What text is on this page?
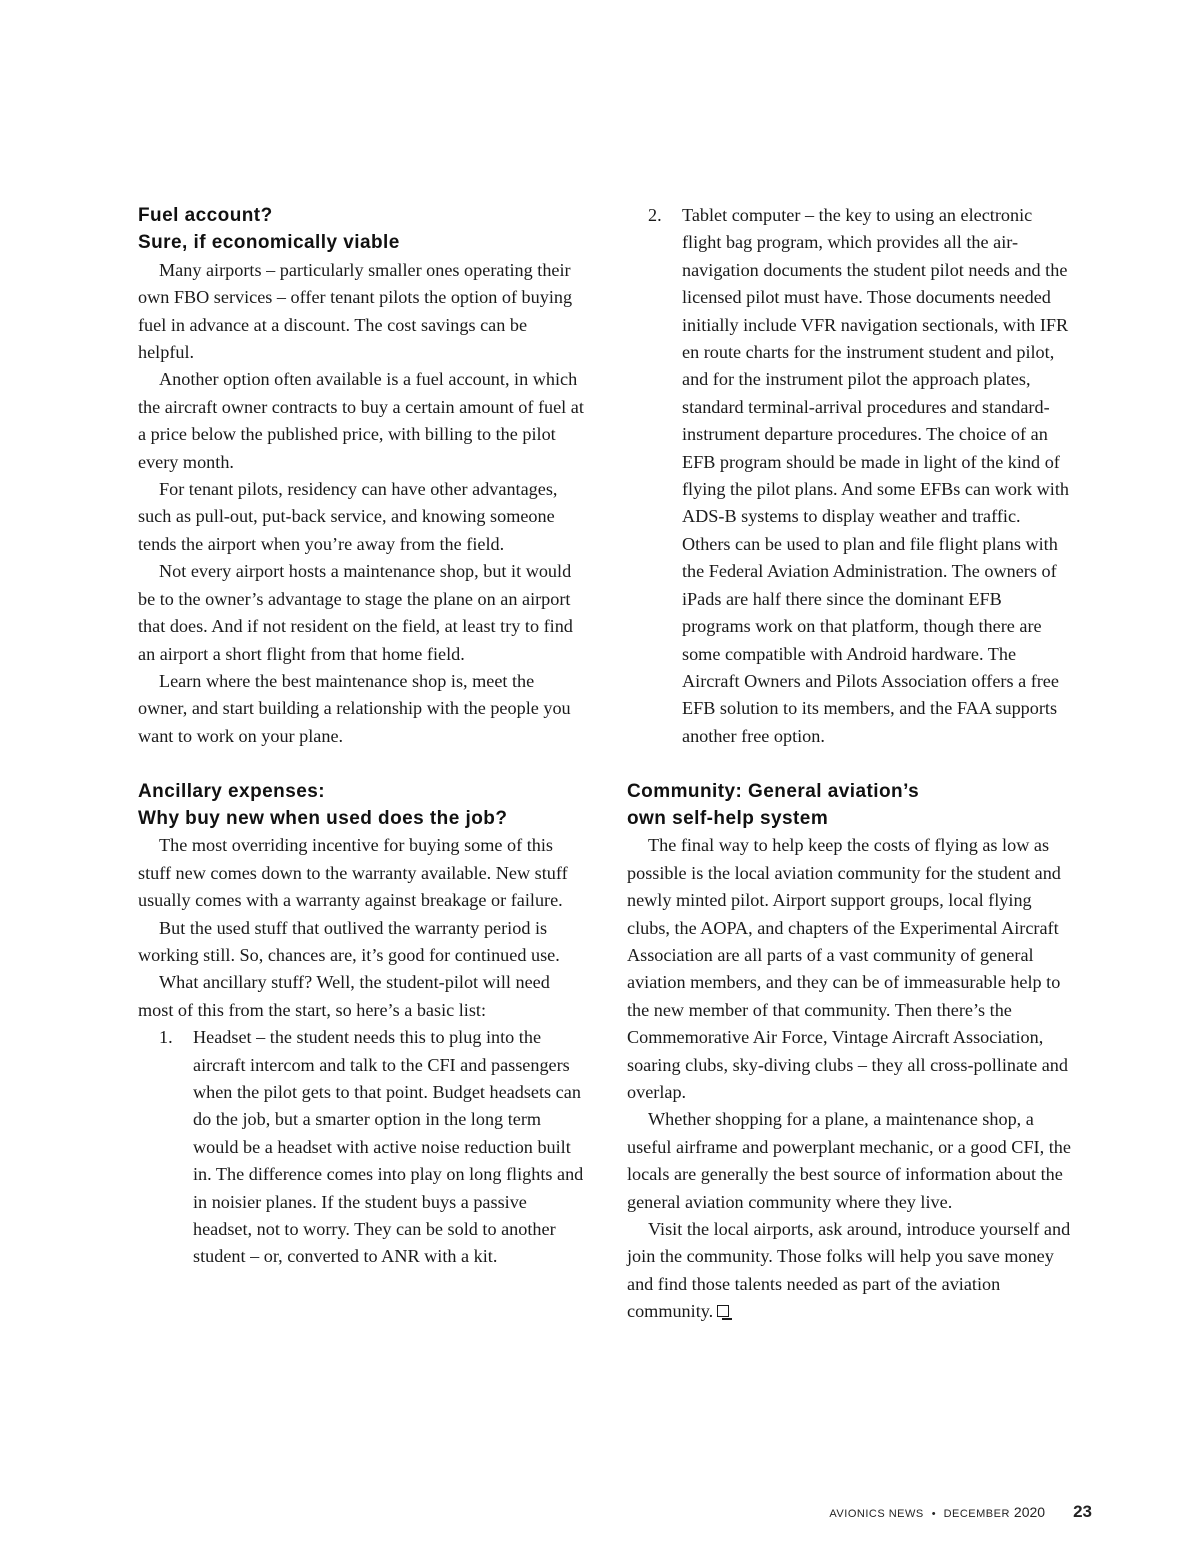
Fuel account?
Sure, if economically viable

Many airports – particularly smaller ones operating their own FBO services – offer tenant pilots the option of buying fuel in advance at a discount. The cost savings can be helpful.

Another option often available is a fuel account, in which the aircraft owner contracts to buy a certain amount of fuel at a price below the published price, with billing to the pilot every month.

For tenant pilots, residency can have other advantages, such as pull-out, put-back service, and knowing someone tends the airport when you’re away from the field.

Not every airport hosts a maintenance shop, but it would be to the owner’s advantage to stage the plane on an airport that does. And if not resident on the field, at least try to find an airport a short flight from that home field.

Learn where the best maintenance shop is, meet the owner, and start building a relationship with the people you want to work on your plane.

Ancillary expenses:
Why buy new when used does the job?

The most overriding incentive for buying some of this stuff new comes down to the warranty available. New stuff usually comes with a warranty against breakage or failure.

But the used stuff that outlived the warranty period is working still. So, chances are, it’s good for continued use.

What ancillary stuff? Well, the student-pilot will need most of this from the start, so here’s a basic list:

1. Headset – the student needs this to plug into the aircraft intercom and talk to the CFI and passengers when the pilot gets to that point. Budget headsets can do the job, but a smarter option in the long term would be a headset with active noise reduction built in. The difference comes into play on long flights and in noisier planes. If the student buys a passive headset, not to worry. They can be sold to another student – or, converted to ANR with a kit.
2. Tablet computer – the key to using an electronic flight bag program, which provides all the air-navigation documents the student pilot needs and the licensed pilot must have. Those documents needed initially include VFR navigation sectionals, with IFR en route charts for the instrument student and pilot, and for the instrument pilot the approach plates, standard terminal-arrival procedures and standard-instrument departure procedures. The choice of an EFB program should be made in light of the kind of flying the pilot plans. And some EFBs can work with ADS-B systems to display weather and traffic. Others can be used to plan and file flight plans with the Federal Aviation Administration. The owners of iPads are half there since the dominant EFB programs work on that platform, though there are some compatible with Android hardware. The Aircraft Owners and Pilots Association offers a free EFB solution to its members, and the FAA supports another free option.
Community: General aviation’s
own self-help system

The final way to help keep the costs of flying as low as possible is the local aviation community for the student and newly minted pilot. Airport support groups, local flying clubs, the AOPA, and chapters of the Experimental Aircraft Association are all parts of a vast community of general aviation members, and they can be of immeasurable help to the new member of that community. Then there’s the Commemorative Air Force, Vintage Aircraft Association, soaring clubs, sky-diving clubs – they all cross-pollinate and overlap.

Whether shopping for a plane, a maintenance shop, a useful airframe and powerplant mechanic, or a good CFI, the locals are generally the best source of information about the general aviation community where they live.

Visit the local airports, ask around, introduce yourself and join the community. Those folks will help you save money and find those talents needed as part of the aviation community.

AVIONICS NEWS • DECEMBER 2020 23
